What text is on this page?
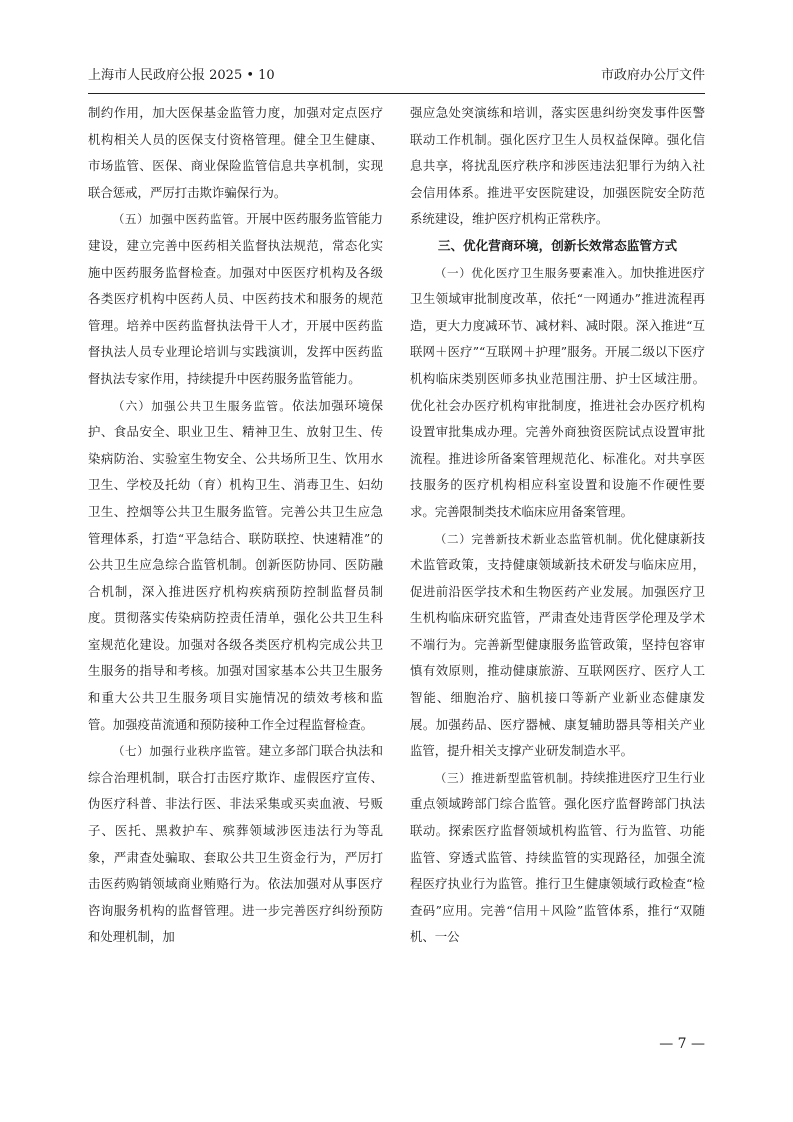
上海市人民政府公报 2025 • 10	市政府办公厅文件

制约作用，加大医保基金监管力度，加强对定点医疗机构相关人员的医保支付资格管理。健全卫生健康、市场监管、医保、商业保险监管信息共享机制，实现联合惩戒，严厉打击欺诈骗保行为。

（五）加强中医药监管。开展中医药服务监管能力建设，建立完善中医药相关监督执法规范，常态化实施中医药服务监督检查。加强对中医医疗机构及各级各类医疗机构中医药人员、中医药技术和服务的规范管理。培养中医药监督执法骨干人才，开展中医药监督执法人员专业理论培训与实践演训，发挥中医药监督执法专家作用，持续提升中医药服务监管能力。

（六）加强公共卫生服务监管。依法加强环境保护、食品安全、职业卫生、精神卫生、放射卫生、传染病防治、实验室生物安全、公共场所卫生、饮用水卫生、学校及托幼（育）机构卫生、消毒卫生、妇幼卫生、控烟等公共卫生服务监管。完善公共卫生应急管理体系，打造“平急结合、联防联控、快速精准”的公共卫生应急综合监管机制。创新医防协同、医防融合机制，深入推进医疗机构疾病预防控制监督员制度。贯彻落实传染病防控责任清单，强化公共卫生科室规范化建设。加强对各级各类医疗机构完成公共卫生服务的指导和考核。加强对国家基本公共卫生服务和重大公共卫生服务项目实施情况的绩效考核和监管。加强疫苗流通和预防接种工作全过程监督检查。

（七）加强行业秩序监管。建立多部门联合执法和综合治理机制，联合打击医疗欺诈、虚假医疗宣传、伪医疗科普、非法行医、非法采集或买卖血液、号贩子、医托、黑救护车、殡葬领域涉医违法行为等乱象，严肃查处骗取、套取公共卫生资金行为，严厉打击医药购销领域商业贿赂行为。依法加强对从事医疗咨询服务机构的监督管理。进一步完善医疗纠纷预防和处理机制，加

强应急处突演练和培训，落实医患纠纷突发事件医警联动工作机制。强化医疗卫生人员权益保障。强化信息共享，将扰乱医疗秩序和涉医违法犯罪行为纳入社会信用体系。推进平安医院建设，加强医院安全防范系统建设，维护医疗机构正常秩序。

三、优化营商环境，创新长效常态监管方式

（一）优化医疗卫生服务要素准入。加快推进医疗卫生领域审批制度改革，依托“一网通办”推进流程再造，更大力度减环节、减材料、减时限。深入推进“互联网＋医疗”“互联网＋护理”服务。开展二级以下医疗机构临床类别医师多执业范围注册、护士区域注册。优化社会办医疗机构审批制度，推进社会办医疗机构设置审批集成办理。完善外商独资医院试点设置审批流程。推进诊所备案管理规范化、标准化。对共享医技服务的医疗机构相应科室设置和设施不作硬性要求。完善限制类技术临床应用备案管理。

（二）完善新技术新业态监管机制。优化健康新技术监管政策，支持健康领域新技术研发与临床应用，促进前沿医学技术和生物医药产业发展。加强医疗卫生机构临床研究监管，严肃查处违背医学伦理及学术不端行为。完善新型健康服务监管政策，坚持包容审慎有效原则，推动健康旅游、互联网医疗、医疗人工智能、细胞治疗、脑机接口等新产业新业态健康发展。加强药品、医疗器械、康复辅助器具等相关产业监管，提升相关支撑产业研发制造水平。

（三）推进新型监管机制。持续推进医疗卫生行业重点领域跨部门综合监管。强化医疗监督跨部门执法联动。探索医疗监督领域机构监管、行为监管、功能监管、穿透式监管、持续监管的实现路径，加强全流程医疗执业行为监管。推行卫生健康领域行政检查“检查码”应用。完善“信用＋风险”监管体系，推行“双随机、一公

— 7 —
